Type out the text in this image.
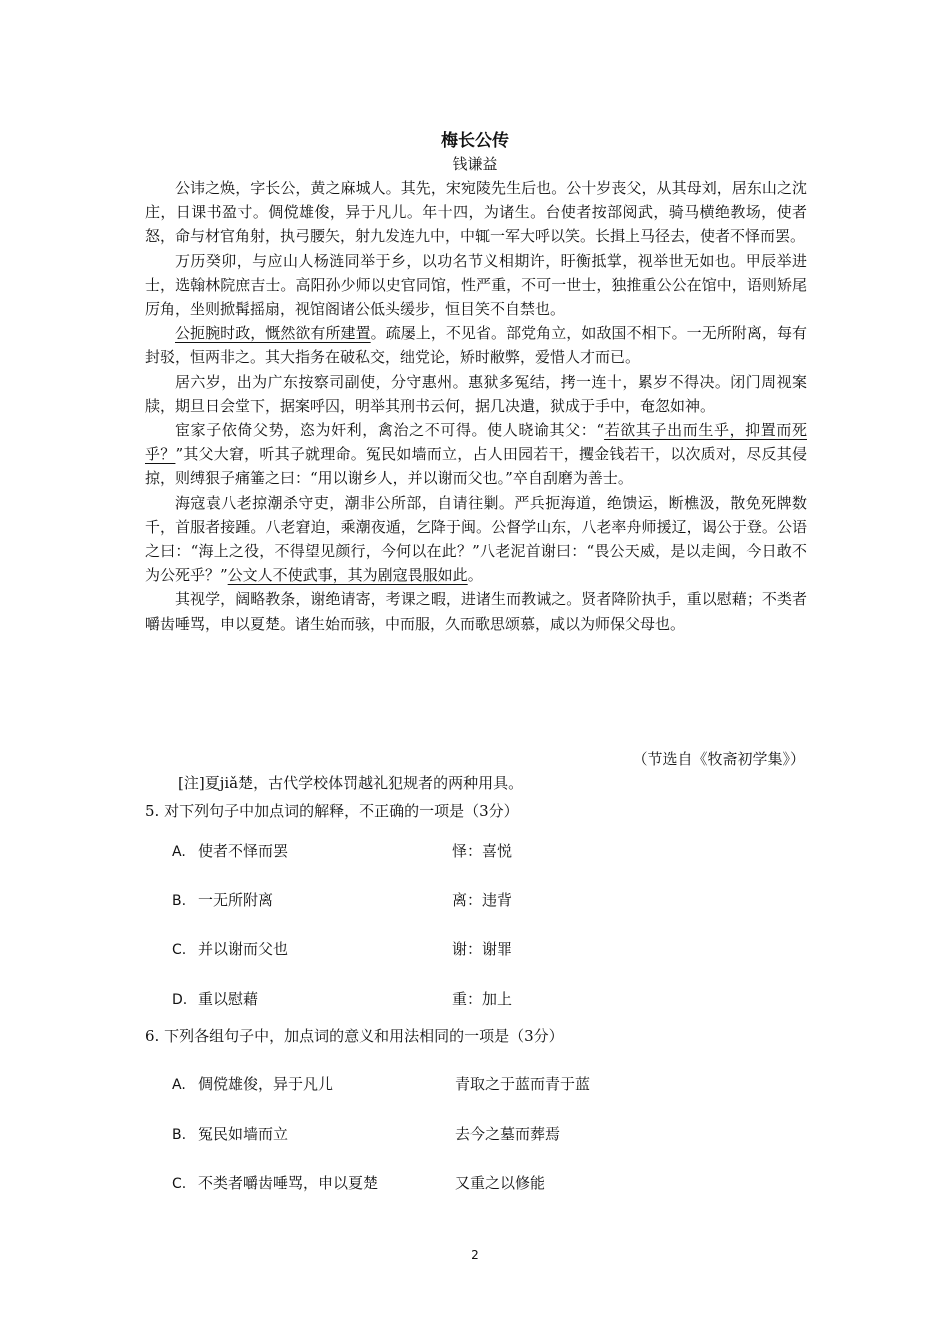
梅长公传
钱谦益

公讳之焕，字长公，黄之麻城人。其先，宋宛陵先生后也。公十岁丧父，从其母刘，居东山之沈庄，日课书盈寸。倜傥雄俊，异于凡儿。年十四，为诸生。台使者按部阅武，骑马横绝教场，使者怒，命与材官角射，执弓腰矢，射九发连九中，中辄一军大呼以笑。长揖上马径去，使者不怿而罢。

万历癸卯，与应山人杨涟同举于乡，以功名节义相期许，盱衡抵掌，视举世无如也。甲辰举进士，选翰林院庶吉士。高阳孙少师以史官同馆，性严重，不可一世士，独推重公公在馆中，语则矫尾厉角，坐则掀髯摇扇，视馆阁诸公低头缓步，恒目笑不自禁也。

公扼腕时政，慨然欲有所建置。疏屡上，不见省。部党角立，如敌国不相下。一无所附离，每有封驳，恒两非之。其大指务在破私交，绌党论，矫时敝弊，爱惜人才而已。

居六岁，出为广东按察司副使，分守惠州。惠狱多冤结，拷一连十，累岁不得决。闭门周视案牍，期旦日会堂下，据案呼囚，明举其刑书云何，据几决遣，狱成于手中，奄忽如神。

宦家子依倚父势，恣为奸利，禽治之不可得。使人晓谕其父：“若欲其子出而生乎，抑置而死乎？”其父大窘，听其子就理命。冤民如墙而立，占人田园若干，攫金钱若干，以次质对，尽反其侵掠，则缚狠子痛箠之曰：“用以谢乡人，并以谢而父也。”卒自刮磨为善士。

海寇袁八老掠潮杀守吏，潮非公所部，自请往剿。严兵扼海道，绝馈运，断樵汲，散免死牌数千，首服者接踵。八老窘迫，乘潮夜遁，乞降于闽。公督学山东，八老率舟师援辽，谒公于登。公语之曰：“海上之役，不得望见颜行，今何以在此？”八老泥首谢曰：“畏公天威，是以走闽，今日敢不为公死乎？”公文人不使武事，其为剧寇畏服如此。

其视学，阔略教条，谢绝请寄，考课之暇，进诸生而教诫之。贤者降阶执手，重以慰藉；不类者嚼齿唾骂，申以夏楚。诸生始而骇，中而服，久而歌思颂慕，咸以为师保父母也。

（节选自《牧斋初学集》）
[注]夏jiǎ楚，古代学校体罚越礼犯规者的两种用具。
5. 对下列句子中加点词的解释，不正确的一项是（3分）
A. 使者不怿而罢	怿：喜悦
B. 一无所附离	离：违背
C. 并以谢而父也	谢：谢罪
D. 重以慰藉	重：加上
6. 下列各组句子中，加点词的意义和用法相同的一项是（3分）
A. 倜傥雄俊，异于凡儿	青取之于蓝而青于蓝
B. 冤民如墙而立	去今之墓而葬焉
C. 不类者嚼齿唾骂，申以夏楚	又重之以修能
2
